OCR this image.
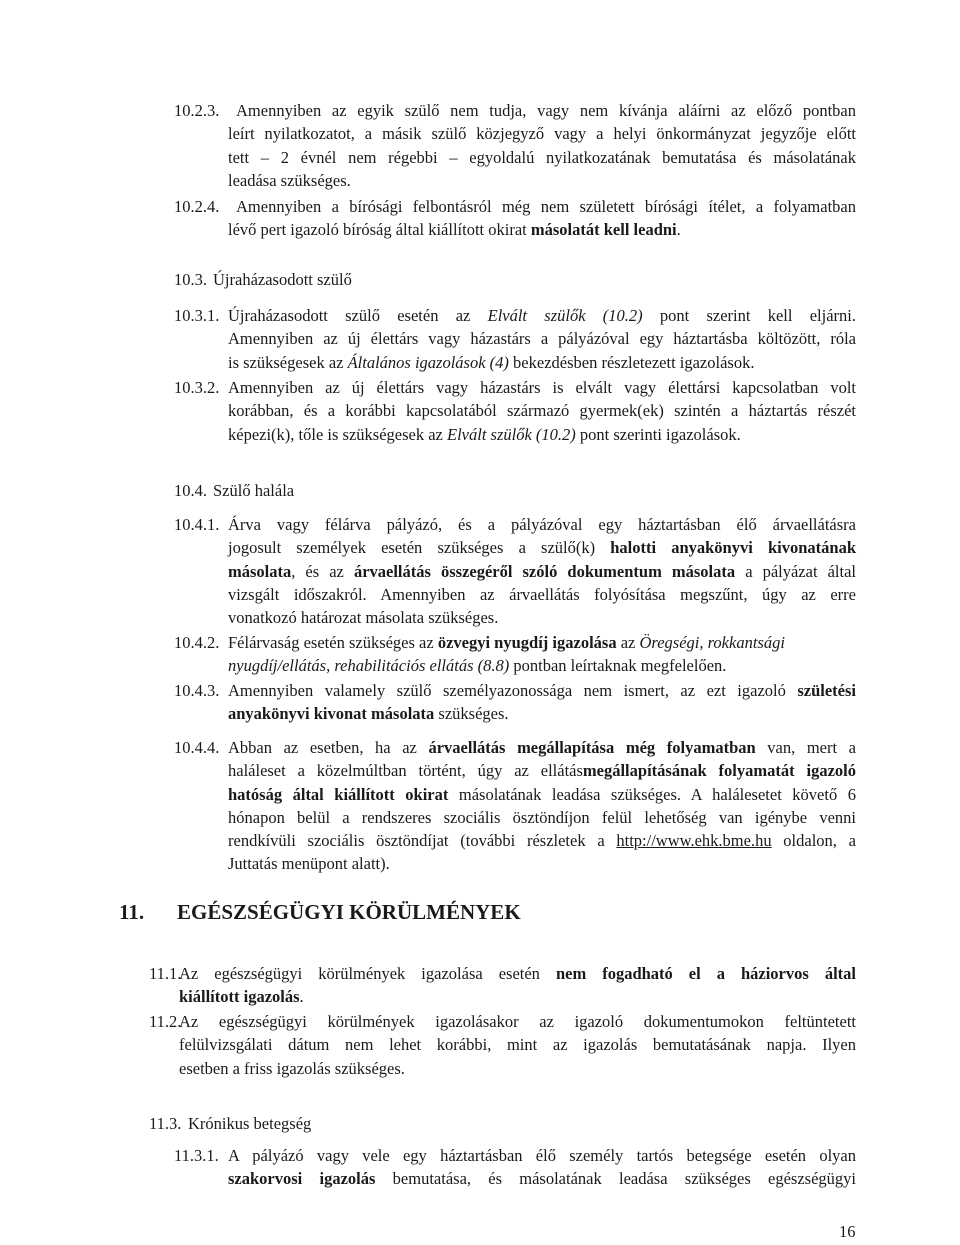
10.2.3. Amennyiben az egyik szülő nem tudja, vagy nem kívánja aláírni az előző pontban
leírt nyilatkozatot, a másik szülő közjegyző vagy a helyi önkormányzat jegyzője előtt
tett – 2 évnél nem régebbi – egyoldalú nyilatkozatának bemutatása és másolatának
leadása szükséges.
10.2.4. Amennyiben a bírósági felbontásról még nem született bírósági ítélet, a folyamatban
lévő pert igazoló bíróság által kiállított okirat másolatát kell leadni.
10.3. Újraházasodott szülő
10.3.1. Újraházasodott szülő esetén az Elvált szülők (10.2) pont szerint kell eljárni.
Amennyiben az új élettárs vagy házastárs a pályázóval egy háztartásba költözött, róla
is szükségesek az Általános igazolások (4) bekezdésben részletezett igazolások.
10.3.2. Amennyiben az új élettárs vagy házastárs is elvált vagy élettársi kapcsolatban volt
korábban, és a korábbi kapcsolatából származó gyermek(ek) szintén a háztartás részét
képezi(k), tőle is szükségesek az Elvált szülők (10.2) pont szerinti igazolások.
10.4. Szülő halála
10.4.1. Árva vagy félárva pályázó, és a pályázóval egy háztartásban élő árvaellátásra
jogosult személyek esetén szükséges a szülő(k) halotti anyakönyvi kivonatának
másolata, és az árvaellátás összegéről szóló dokumentum másolata a pályázat által
vizsgált időszakról. Amennyiben az árvaellátás folyósítása megszűnt, úgy az erre
vonatkozó határozat másolata szükséges.
10.4.2. Félárvaság esetén szükséges az özvegyi nyugdíj igazolása az Öregségi, rokkantsági
nyugdíj/ellátás, rehabilitációs ellátás (8.8) pontban leírtaknak megfelelően.
10.4.3. Amennyiben valamely szülő személyazonossága nem ismert, az ezt igazoló születési
anyakönyvi kivonat másolata szükséges.
10.4.4. Abban az esetben, ha az árvaellátás megállapítása még folyamatban van, mert a
haláleset a közelmúltban történt, úgy az ellátásmegállapításának folyamatát igazoló
hatóság által kiállított okirat másolatának leadása szükséges. A halálesetet követő 6
hónapon belül a rendszeres szociális ösztöndíjon felül lehetőség van igénybe venni
rendkívüli szociális ösztöndíjat (további részletek a http://www.ehk.bme.hu oldalon, a
Juttatás menüpont alatt).
11. EGÉSZSÉGÜGYI KÖRÜLMÉNYEK
11.1.
Az egészségügyi körülmények igazolása esetén nem fogadható el a háziorvos által
kiállított igazolás.
11.2.
Az egészségügyi körülmények igazolásakor az igazoló dokumentumokon feltüntetett
felülvizsgálati dátum nem lehet korábbi, mint az igazolás bemutatásának napja. Ilyen
esetben a friss igazolás szükséges.
11.3. Krónikus betegség
11.3.1. A pályázó vagy vele egy háztartásban élő személy tartós betegsége esetén olyan
szakorvosi igazolás bemutatása, és másolatának leadása szükséges egészségügyi
16
